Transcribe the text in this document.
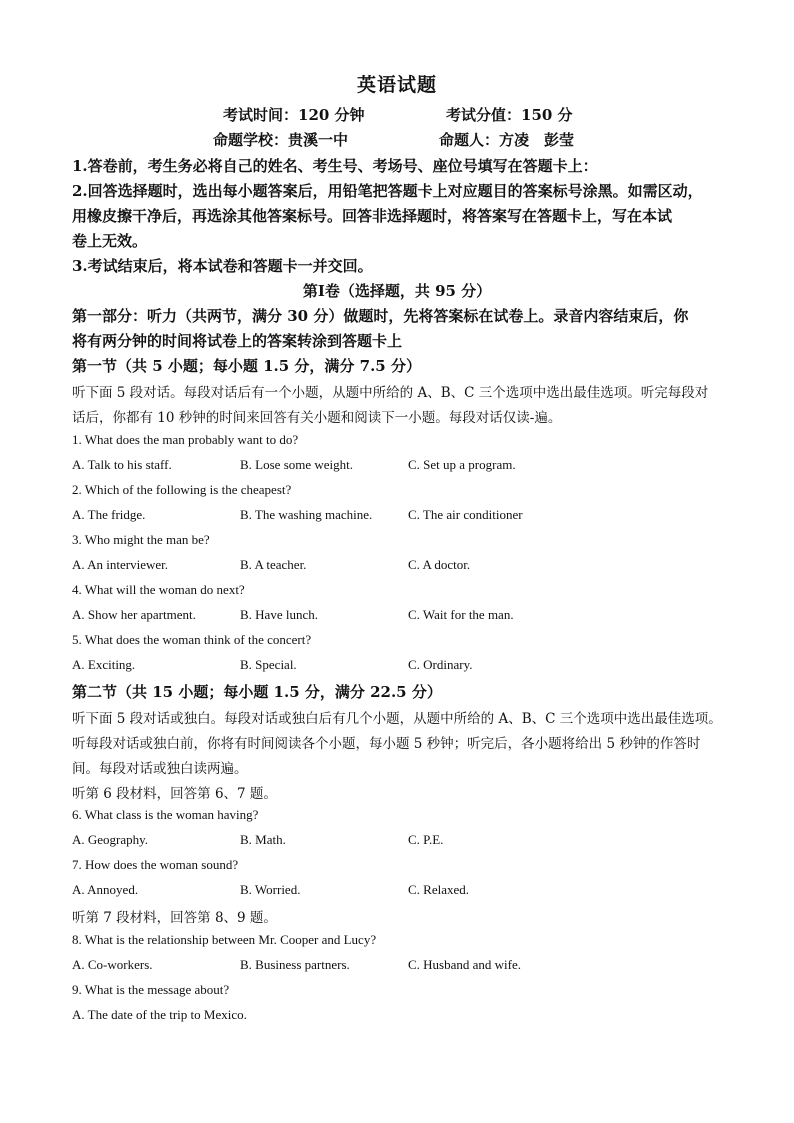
英语试题
考试时间：120 分钟	考试分值：150 分
命题学校：贵溪一中	命题人：方凌　彭莹
1.答卷前，考生务必将自己的姓名、考生号、考场号、座位号填写在答题卡上：
2.回答选择题时，选出每小题答案后，用铅笔把答题卡上对应题目的答案标号涂黑。如需区动，
用橡皮擦干净后，再选涂其他答案标号。回答非选择题时，将答案写在答题卡上，写在本试
卷上无效。
3.考试结束后，将本试卷和答题卡一并交回。
第Ⅰ卷（选择题，共 95 分）
第一部分：听力（共两节，满分 30 分）做题时，先将答案标在试卷上。录音内容结束后，你
将有两分钟的时间将试卷上的答案转涂到答题卡上
第一节（共 5 小题；每小题 1.5 分，满分 7.5 分）
听下面 5 段对话。每段对话后有一个小题，从题中所给的 A、B、C 三个选项中选出最佳选项。听完每段对
话后，你都有 10 秒钟的时间来回答有关小题和阅读下一小题。每段对话仅读-遍。
1. What does the man probably want to do?
A. Talk to his staff.	B. Lose some weight.	C. Set up a program.
2. Which of the following is the cheapest?
A. The fridge.	B. The washing machine.	C. The air conditioner
3. Who might the man be?
A. An interviewer.	B. A teacher.	C. A doctor.
4. What will the woman do next?
A. Show her apartment.	B. Have lunch.	C. Wait for the man.
5. What does the woman think of the concert?
A. Exciting.	B. Special.	C. Ordinary.
第二节（共 15 小题；每小题 1.5 分，满分 22.5 分）
听下面 5 段对话或独白。每段对话或独白后有几个小题，从题中所给的 A、B、C 三个选项中选出最佳选项。
听每段对话或独白前，你将有时间阅读各个小题，每小题 5 秒钟；听完后，各小题将给出 5 秒钟的作答时
间。每段对话或独白读两遍。
听第 6 段材料，回答第 6、7 题。
6. What class is the woman having?
A. Geography.	B. Math.	C. P.E.
7. How does the woman sound?
A. Annoyed.	B. Worried.	C. Relaxed.
听第 7 段材料，回答第 8、9 题。
8. What is the relationship between Mr. Cooper and Lucy?
A. Co-workers.	B. Business partners.	C. Husband and wife.
9. What is the message about?
A. The date of the trip to Mexico.
